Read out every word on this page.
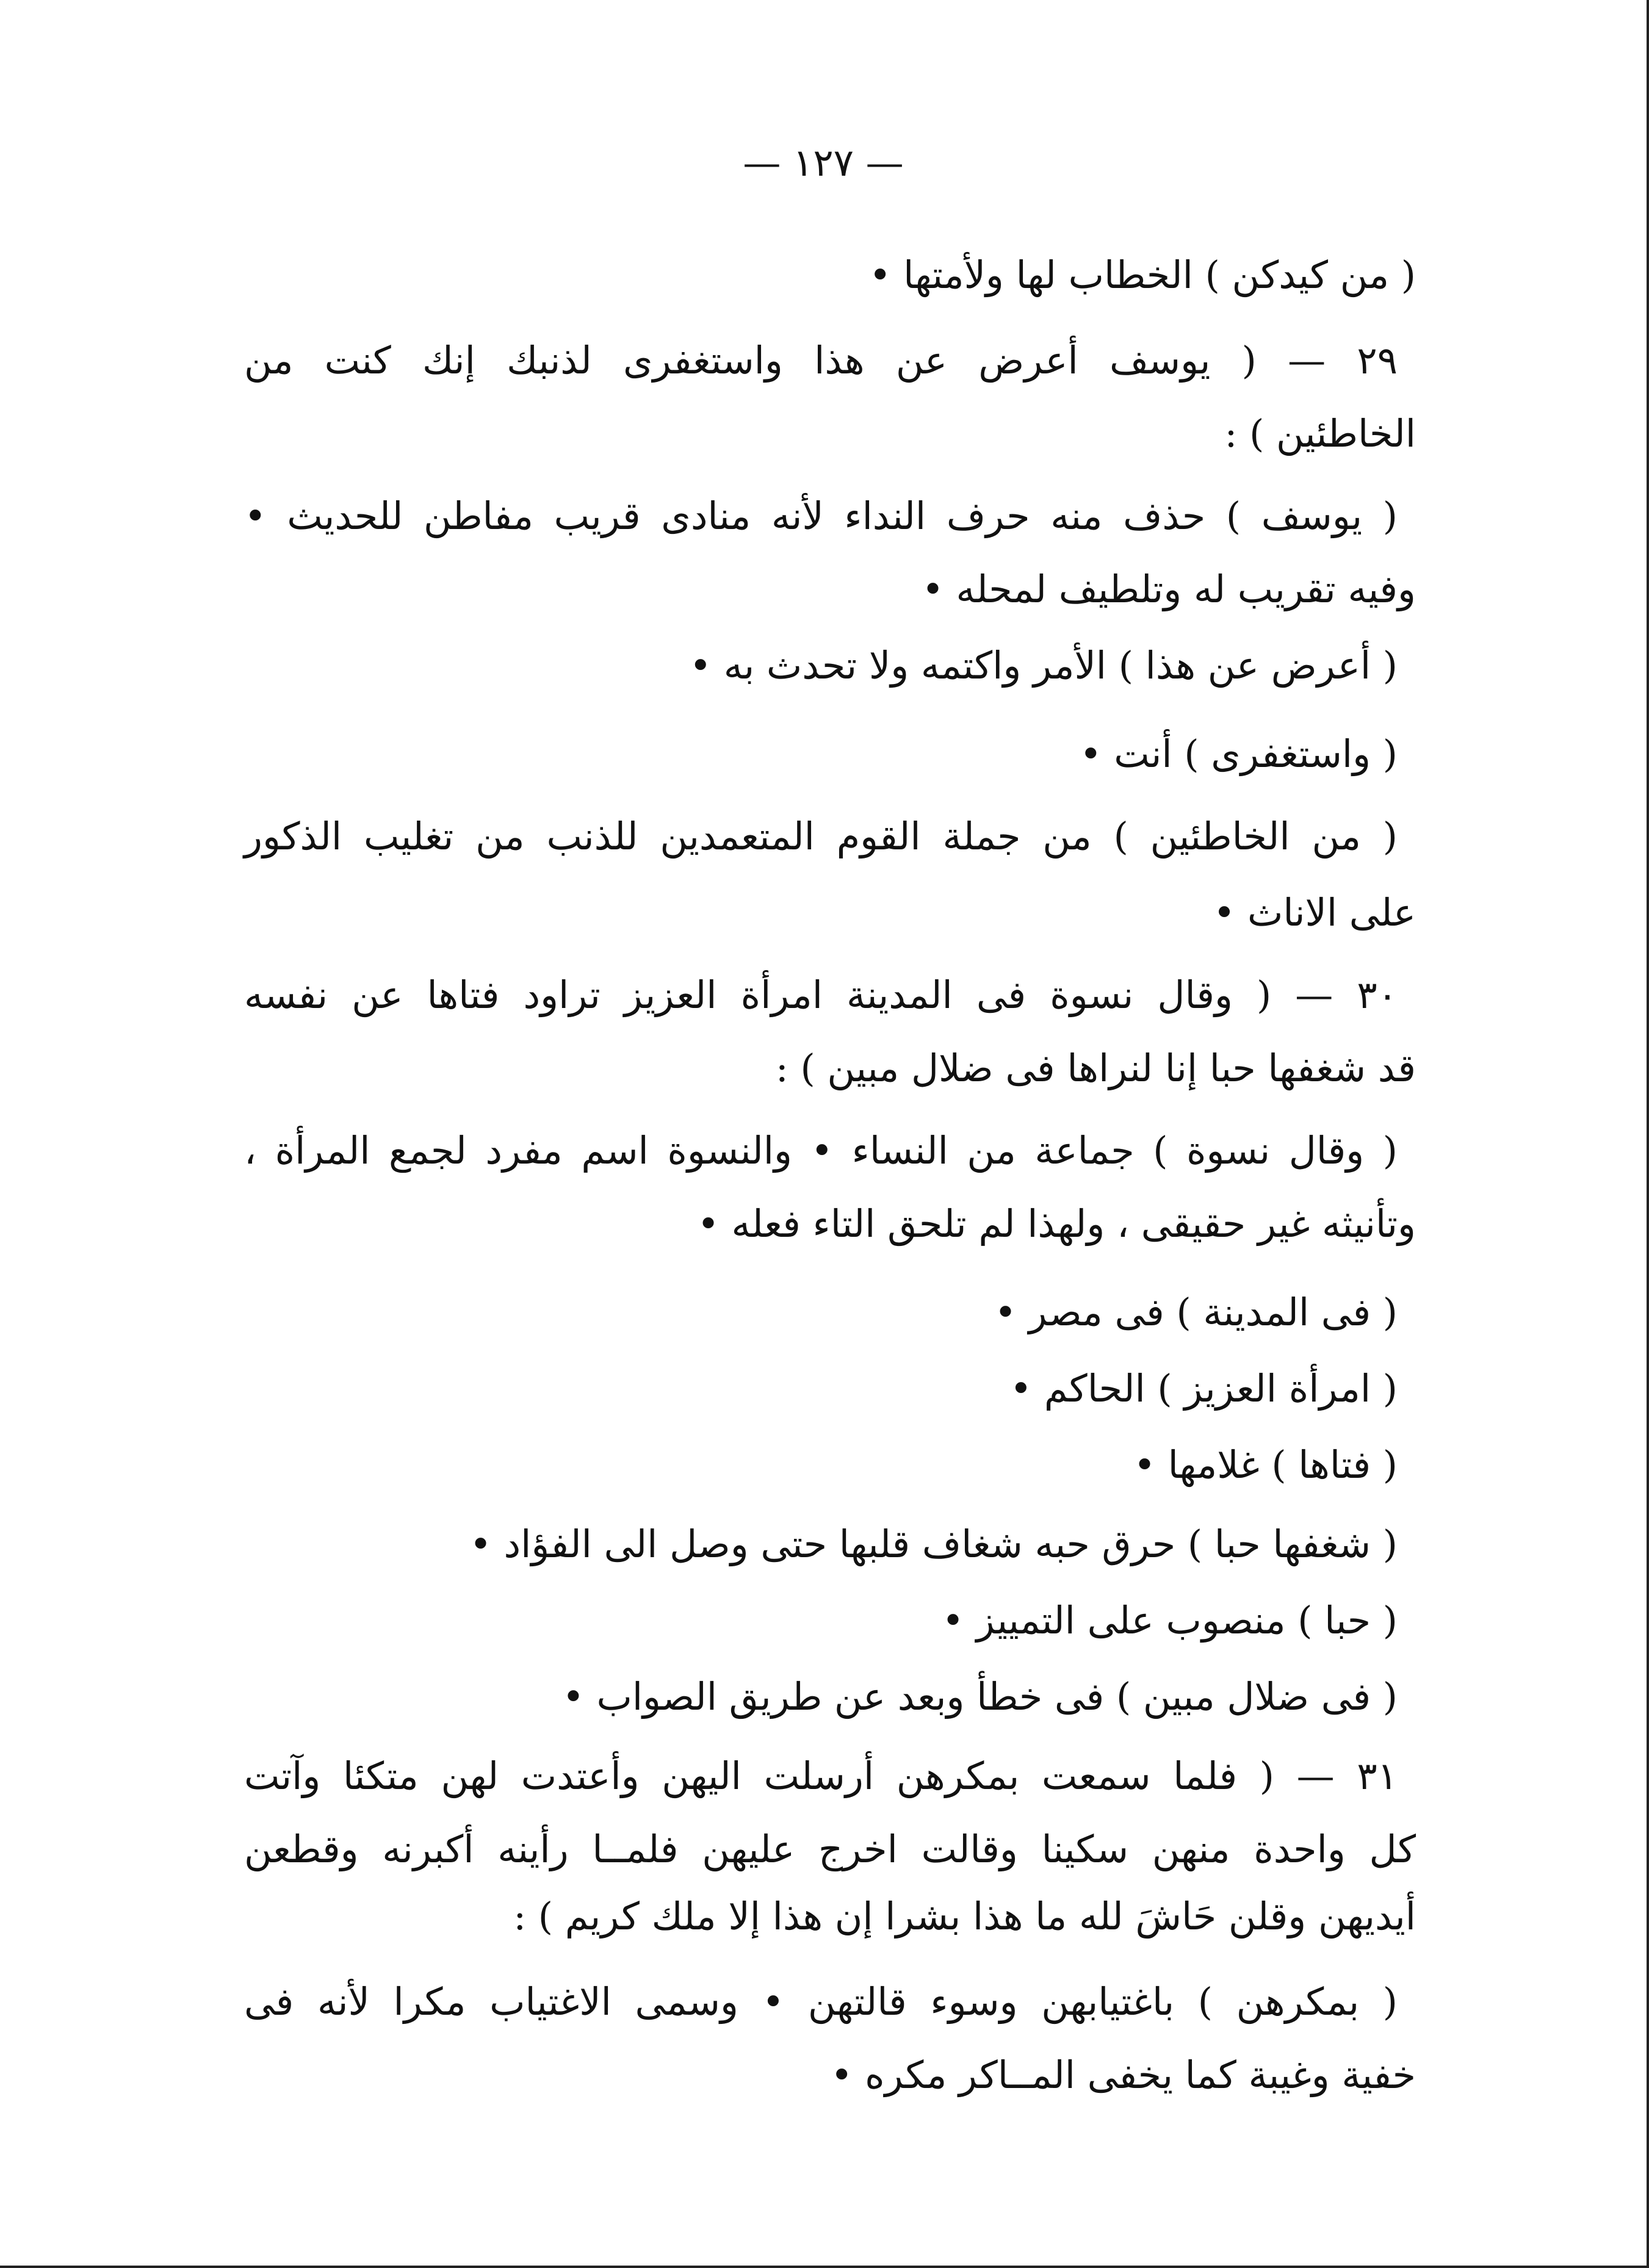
— ١٢٧ —
( من كيدكن ) الخطاب لها ولأمتها •
٢٩ — ( يوسف أعرض عن هذا واستغفرى لذنبك إنك كنت من
الخاطئين ) :
( يوسف ) حذف منه حرف النداء لأنه منادى قريب مفاطن للحديث •
وفيه تقريب له وتلطيف لمحله •
( أعرض عن هذا ) الأمر واكتمه ولا تحدث به •
( واستغفرى ) أنت •
( من الخاطئين ) من جملة القوم المتعمدين للذنب من تغليب الذكور
على الاناث •
٣٠ — ( وقال نسوة فى المدينة امرأة العزيز تراود فتاها عن نفسه
قد شغفها حبا إنا لنراها فى ضلال مبين ) :
( وقال نسوة ) جماعة من النساء • والنسوة اسم مفرد لجمع المرأة ،
وتأنيثه غير حقيقى ، ولهذا لم تلحق التاء فعله •
( فى المدينة ) فى مصر •
( امرأة العزيز ) الحاكم •
( فتاها ) غلامها •
( شغفها حبا ) حرق حبه شغاف قلبها حتى وصل الى الفؤاد •
( حبا ) منصوب على التمييز •
( فى ضلال مبين ) فى خطأ وبعد عن طريق الصواب •
٣١ — ( فلما سمعت بمكرهن أرسلت اليهن وأعتدت لهن متكئا وآتت
كل واحدة منهن سكينا وقالت اخرج عليهن فلمــا رأينه أكبرنه وقطعن
أيديهن وقلن حَاشَ لله ما هذا بشرا إن هذا إلا ملك كريم ) :
( بمكرهن ) باغتيابهن وسوء قالتهن • وسمى الاغتياب مكرا لأنه فى
خفية وغيبة كما يخفى المــاكر مكره •
